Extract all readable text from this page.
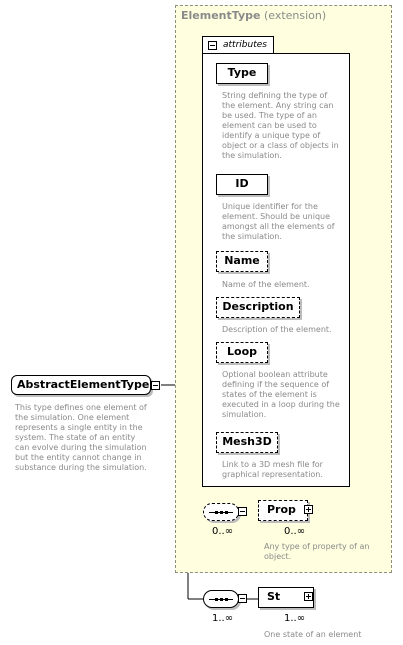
ElementType (extension)
attributes
Type
String defining the type of
the element. Any string can
be used. The type of an
element can be used to
identify a unique type of
object or a class of objects in
the simulation.
ID
Unique identifier for the
element. Should be unique
amongst all the elements of
the simulation.
Name
Name of the element.
Description
Description of the element.
Loop
Optional boolean attribute
defining if the sequence of
states of the element is
executed in a loop during the
simulation.
Mesh3D
Link to a 3D mesh file for
graphical representation.
AbstractElementType
This type defines one element of
the simulation. One element
represents a single entity in the
system. The state of an entity
can evolve during the simulation
but the entity cannot change in
substance during the simulation.
0..∞
Prop
0..∞
Any type of property of an
object.
1..∞
St
1..∞
One state of an element
